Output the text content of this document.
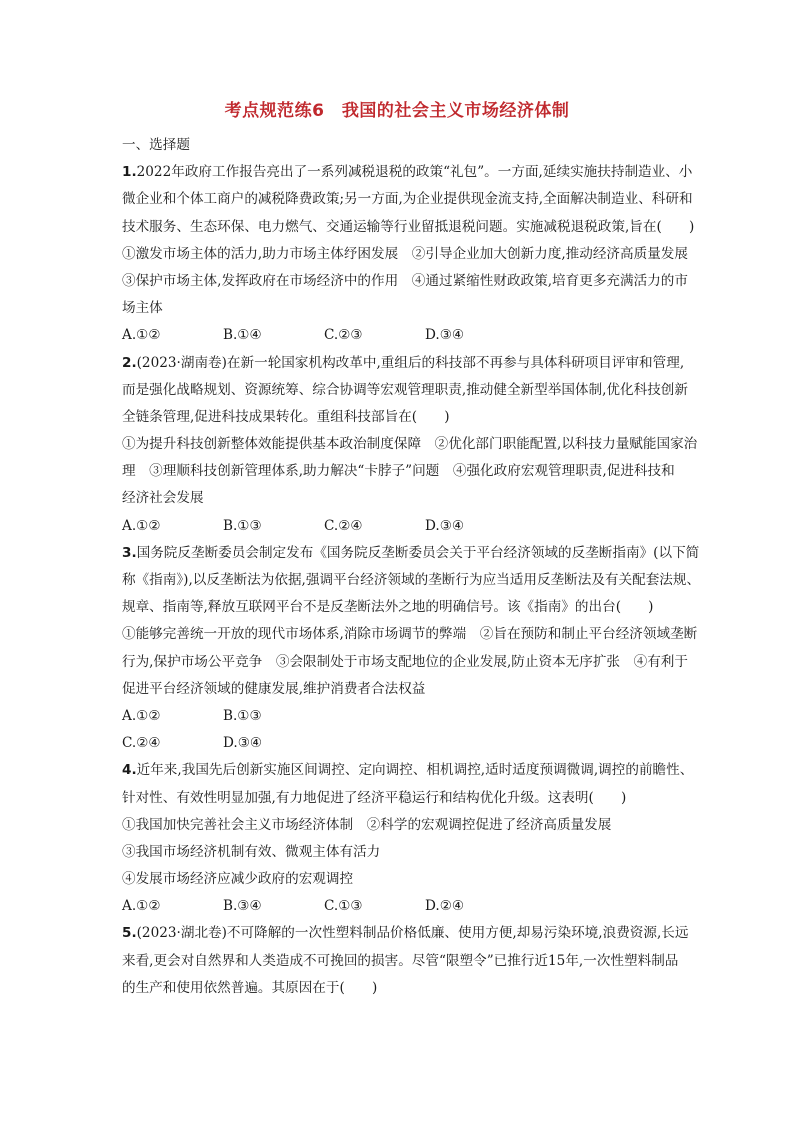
考点规范练6　我国的社会主义市场经济体制
一、选择题
1.2022年政府工作报告亮出了一系列减税退税的政策“礼包”。一方面,延续实施扶持制造业、小
微企业和个体工商户的减税降费政策;另一方面,为企业提供现金流支持,全面解决制造业、科研和
技术服务、生态环保、电力燃气、交通运输等行业留抵退税问题。实施减税退税政策,旨在(　　)
①激发市场主体的活力,助力市场主体纾困发展　②引导企业加大创新力度,推动经济高质量发展
③保护市场主体,发挥政府在市场经济中的作用　④通过紧缩性财政政策,培育更多充满活力的市
场主体
A.①②	B.①④	C.②③	D.③④
2.(2023·湖南卷)在新一轮国家机构改革中,重组后的科技部不再参与具体科研项目评审和管理,
而是强化战略规划、资源统筹、综合协调等宏观管理职责,推动健全新型举国体制,优化科技创新
全链条管理,促进科技成果转化。重组科技部旨在(　　)
①为提升科技创新整体效能提供基本政治制度保障　②优化部门职能配置,以科技力量赋能国家治
理　③理顺科技创新管理体系,助力解决“卡脖子”问题　④强化政府宏观管理职责,促进科技和
经济社会发展
A.①②	B.①③	C.②④	D.③④
3.国务院反垄断委员会制定发布《国务院反垄断委员会关于平台经济领域的反垄断指南》(以下简
称《指南》),以反垄断法为依据,强调平台经济领域的垄断行为应当适用反垄断法及有关配套法规、
规章、指南等,释放互联网平台不是反垄断法外之地的明确信号。该《指南》的出台(　　)
①能够完善统一开放的现代市场体系,消除市场调节的弊端　②旨在预防和制止平台经济领域垄断
行为,保护市场公平竞争　③会限制处于市场支配地位的企业发展,防止资本无序扩张　④有利于
促进平台经济领域的健康发展,维护消费者合法权益
A.①②	B.①③
C.②④	D.③④
4.近年来,我国先后创新实施区间调控、定向调控、相机调控,适时适度预调微调,调控的前瞻性、
针对性、有效性明显加强,有力地促进了经济平稳运行和结构优化升级。这表明(　　)
①我国加快完善社会主义市场经济体制　②科学的宏观调控促进了经济高质量发展
③我国市场经济机制有效、微观主体有活力
④发展市场经济应减少政府的宏观调控
A.①②	B.③④	C.①③	D.②④
5.(2023·湖北卷)不可降解的一次性塑料制品价格低廉、使用方便,却易污染环境,浪费资源,长远
来看,更会对自然界和人类造成不可挽回的损害。尽管“限塑令”已推行近15年,一次性塑料制品
的生产和使用依然普遍。其原因在于(　　)
